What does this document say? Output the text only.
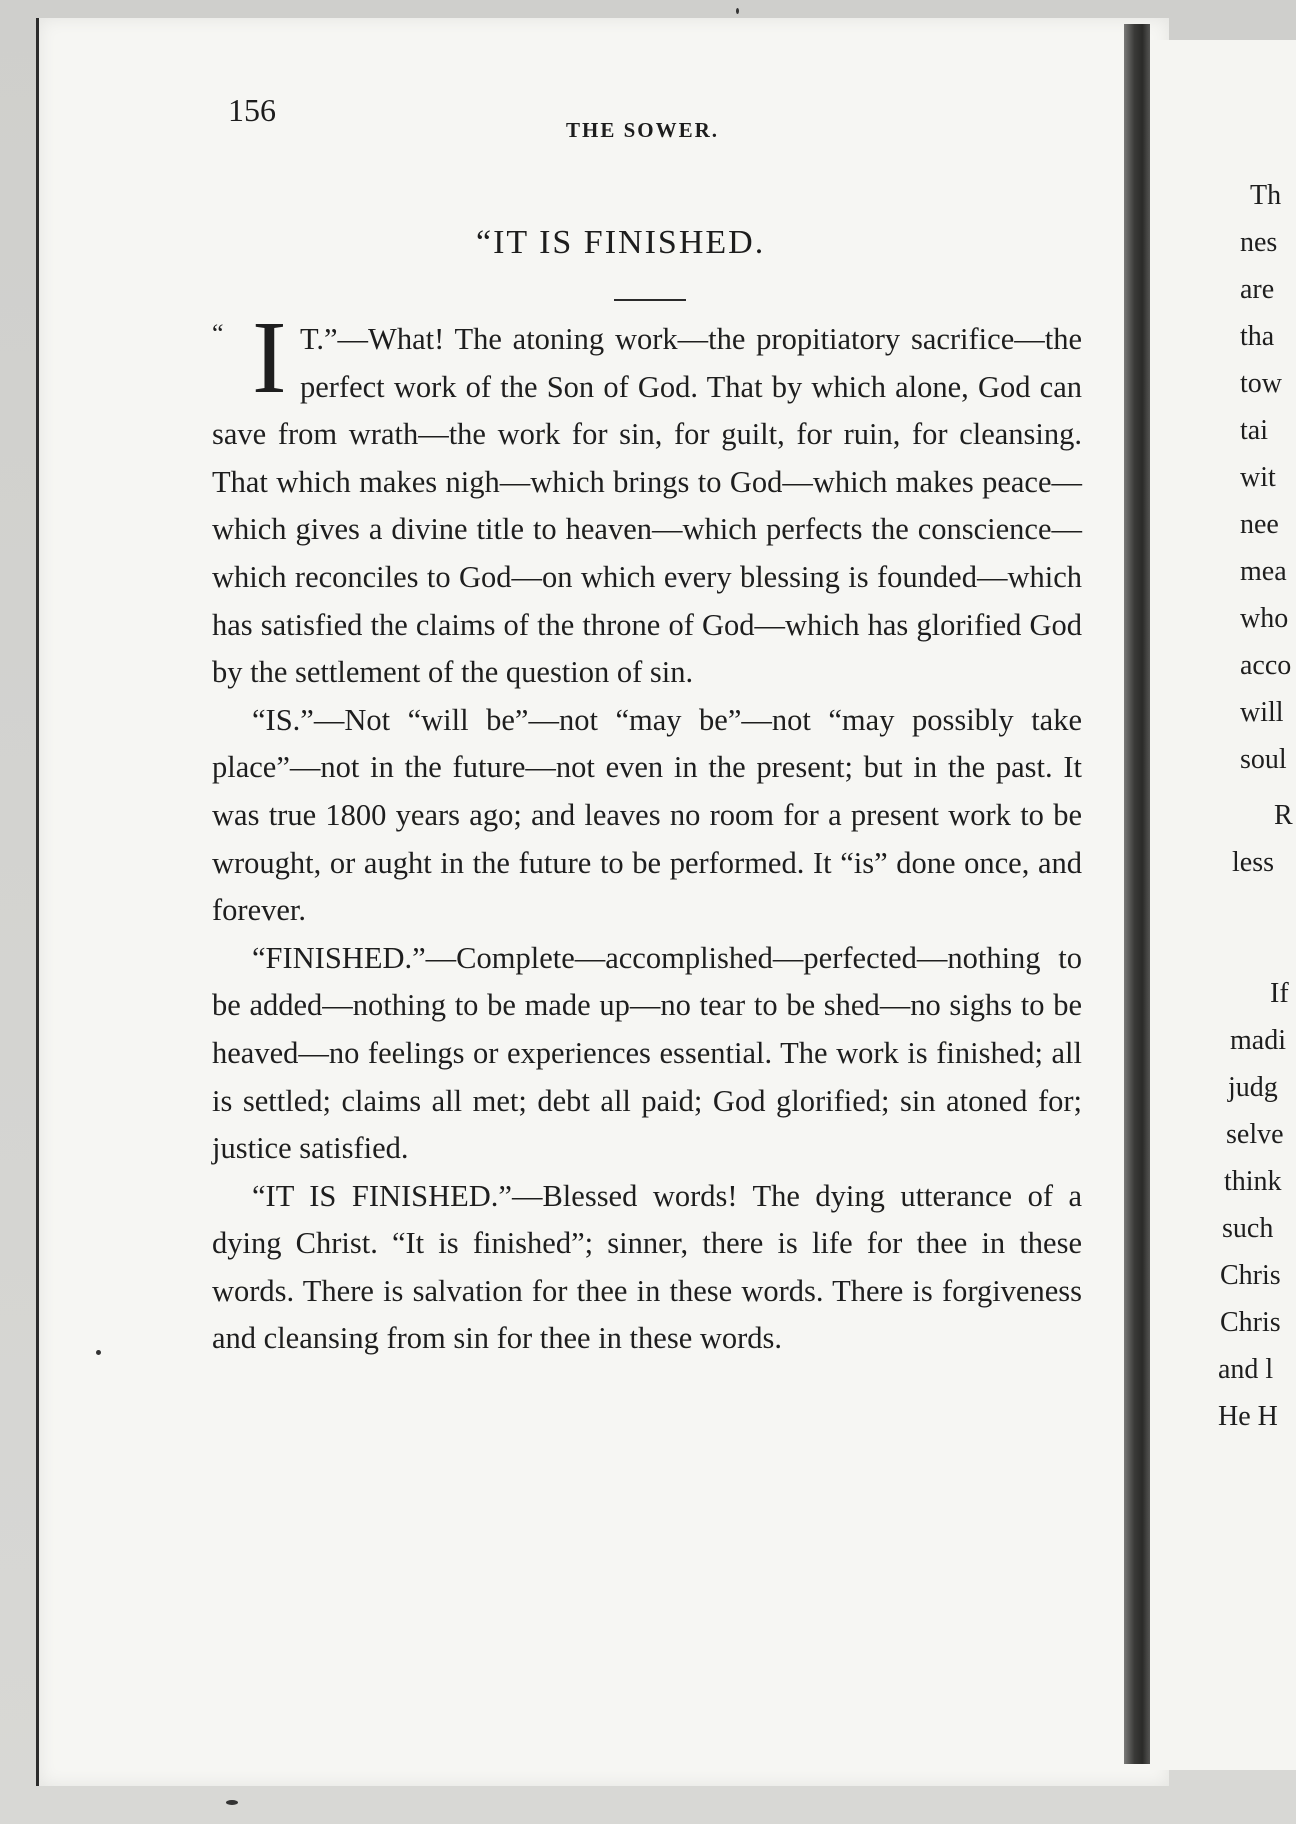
156
THE SOWER.
“IT IS FINISHED.

“ I T.”—What! The atoning work—the propitiatory sacrifice—the perfect work of the Son of God. That by which alone, God can save from wrath—the work for sin, for guilt, for ruin, for cleansing. That which makes nigh—which brings to God—which makes peace—which gives a divine title to heaven—which perfects the conscience—which reconciles to God—on which every blessing is founded—which has satisfied the claims of the throne of God—which has glorified God by the settlement of the question of sin.

“IS.”—Not “will be”—not “may be”—not “may possibly take place”—not in the future—not even in the present; but in the past. It was true 1800 years ago; and leaves no room for a present work to be wrought, or aught in the future to be performed. It “is” done once, and forever.

“FINISHED.”—Complete—accomplished—perfected—nothing to be added—nothing to be made up—no tear to be shed—no sighs to be heaved—no feelings or experiences essential. The work is finished; all is settled; claims all met; debt all paid; God glorified; sin atoned for; justice satisfied.

“IT IS FINISHED.”—Blessed words! The dying utterance of a dying Christ. “It is finished”; sinner, there is life for thee in these words. There is salvation for thee in these words. There is forgiveness and cleansing from sin for thee in these words.

Th
nes
are
tha
tow
tai
wit
nee
mea
who
acco
will
soul
R
less
If
madi
judg
selve
think
such
Chris
Chris
and l
He H
